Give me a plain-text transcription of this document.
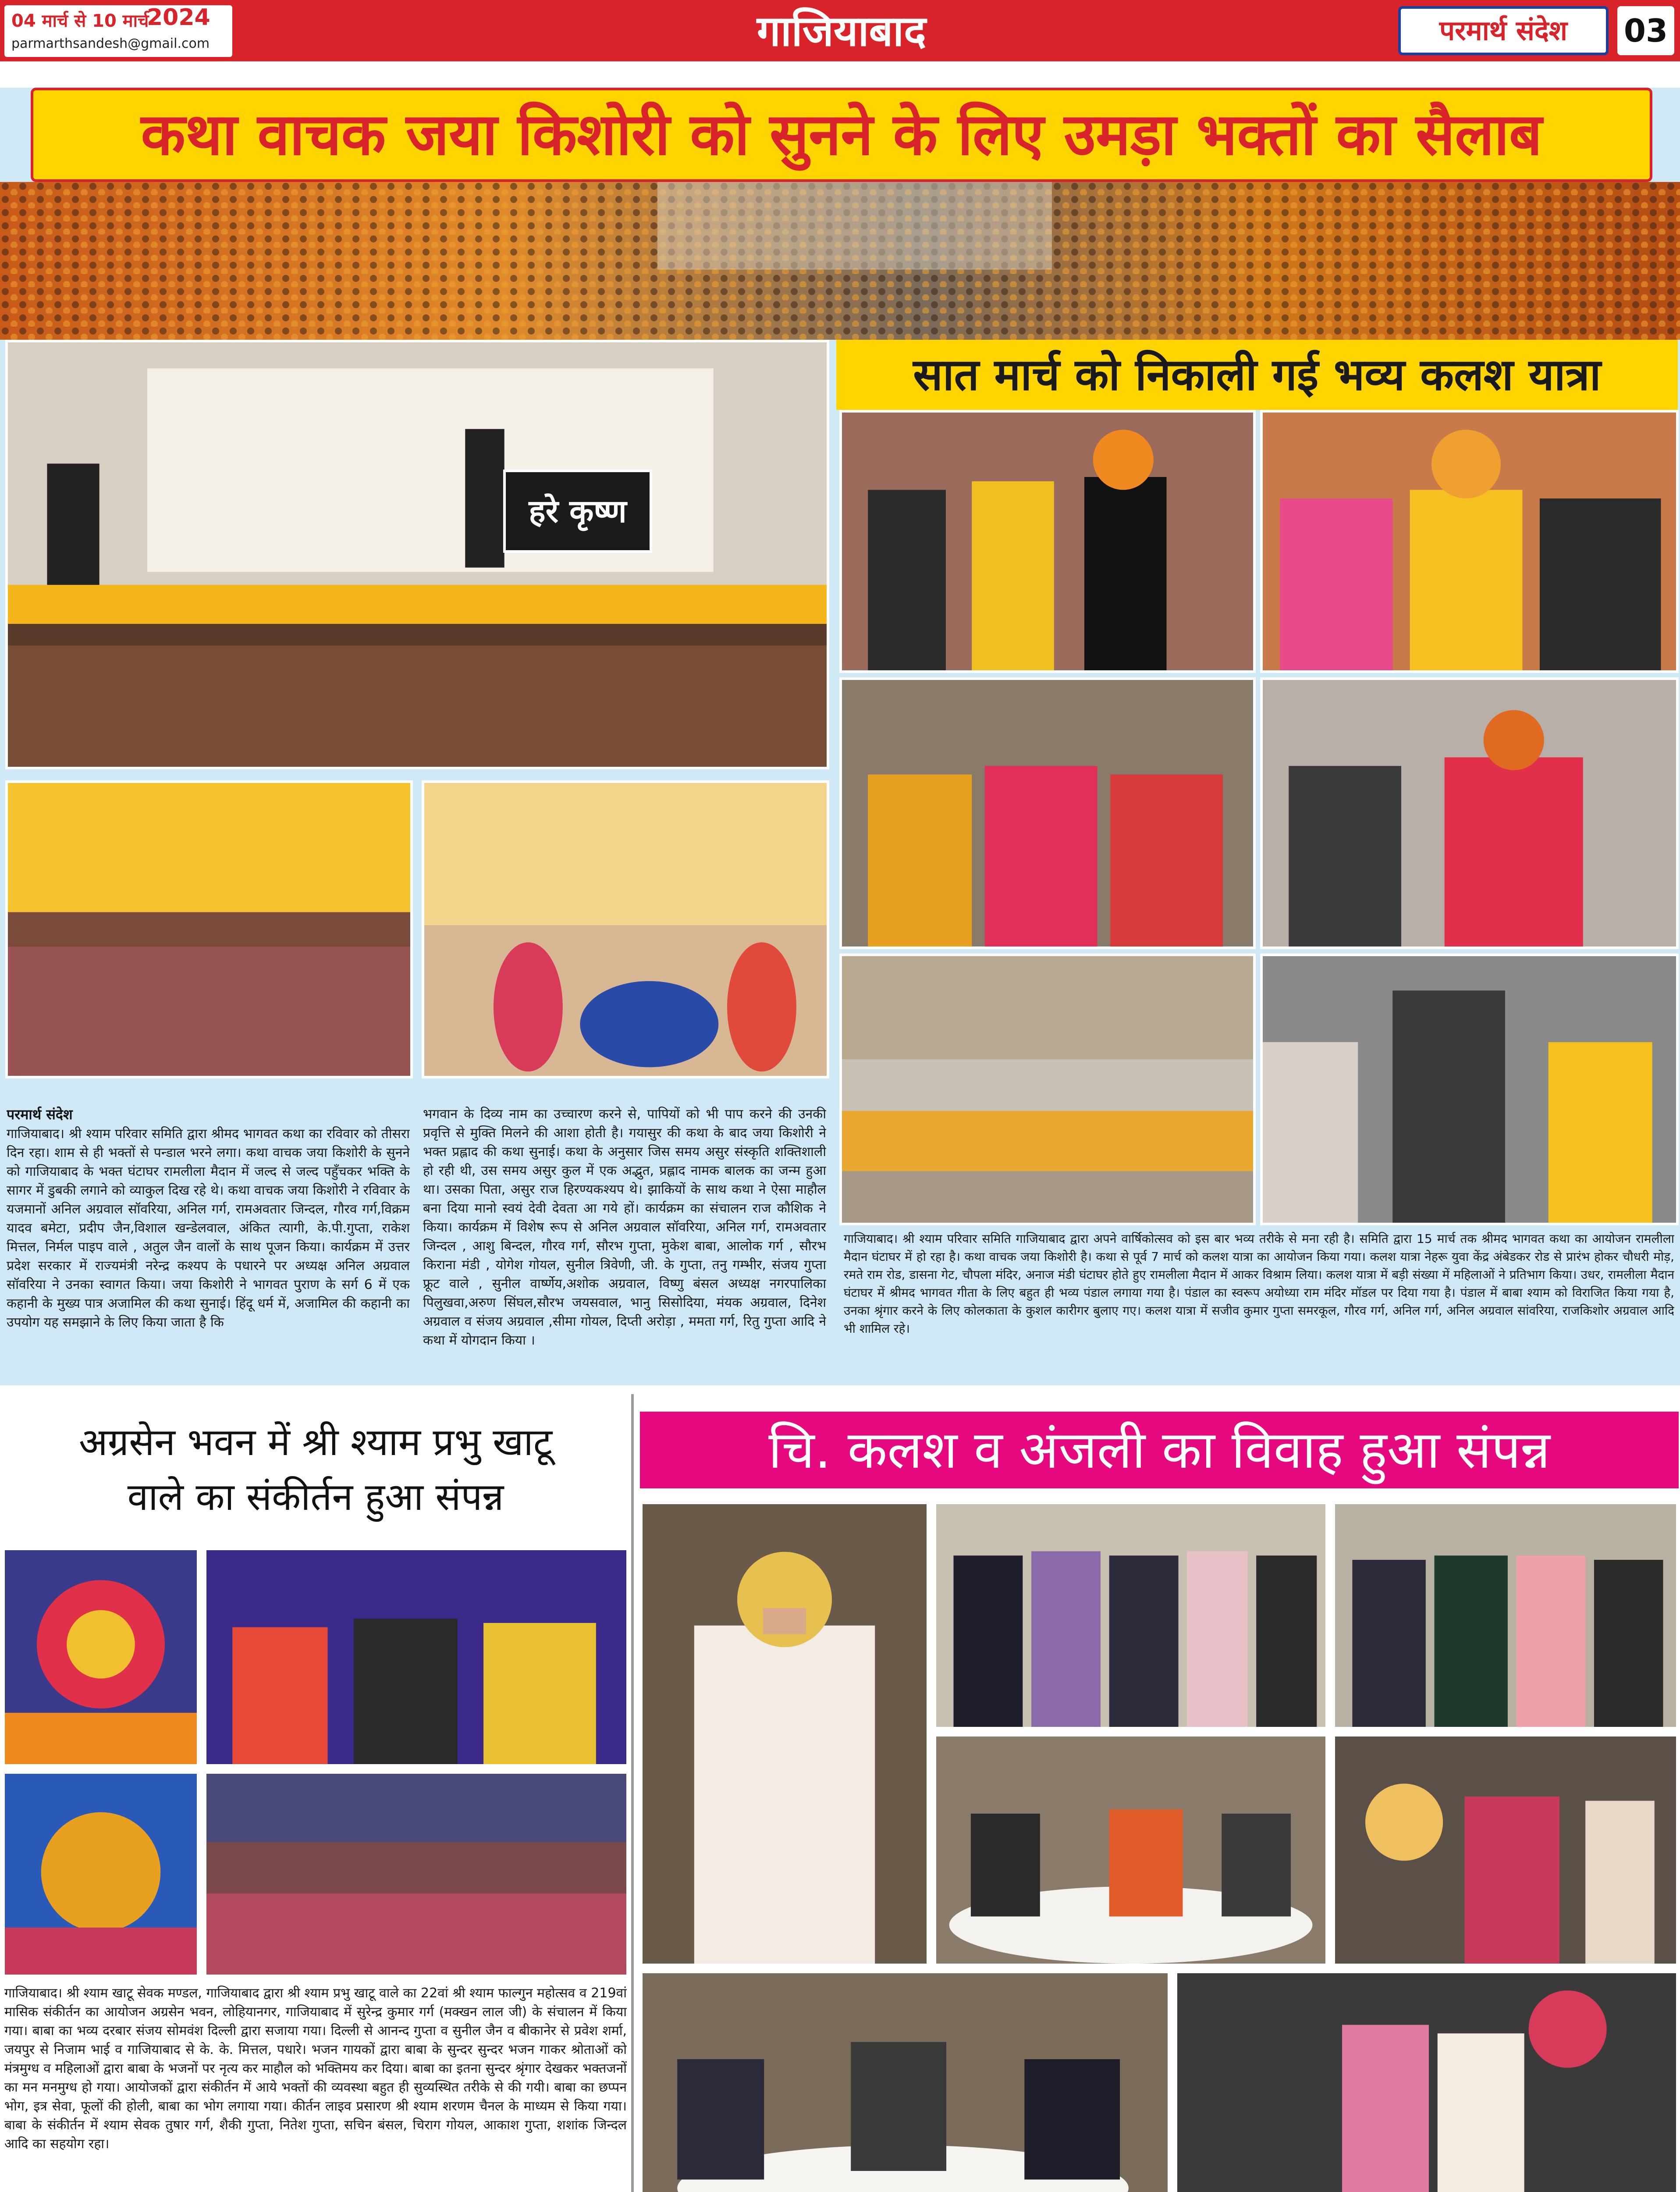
04 मार्च से 10 मार्च
2024
parmarthsandesh@gmail.com	गाजियाबाद	परमार्थ संदेश	03
कथा वाचक जया किशोरी को सुनने के लिए उमड़ा भक्तों का सैलाब
हरे कृष्ण
सात मार्च को निकाली गई भव्य कलश यात्रा
परमार्थ संदेश
गाजियाबाद। श्री श्याम परिवार समिति द्वारा श्रीमद भागवत कथा का रविवार को तीसरा दिन रहा। शाम से ही भक्तों से पन्डाल भरने लगा। कथा वाचक जया किशोरी के सुनने को गाजियाबाद के भक्त घंटाघर रामलीला मैदान में जल्द से जल्द पहुँचकर भक्ति के सागर में डुबकी लगाने को व्याकुल दिख रहे थे। कथा वाचक जया किशोरी ने रविवार के यजमानों अनिल अग्रवाल सॉवरिया, अनिल गर्ग, रामअवतार जिन्दल, गौरव गर्ग,विक्रम यादव बमेटा, प्रदीप जैन,विशाल खन्डेलवाल, अंकित त्यागी, के.पी.गुप्ता, राकेश मित्तल, निर्मल पाइप वाले , अतुल जैन वालों के साथ पूजन किया। कार्यक्रम में उत्तर प्रदेश सरकार में राज्यमंत्री नरेन्द्र कश्यप के पधारने पर अध्यक्ष अनिल अग्रवाल सॉवरिया ने उनका स्वागत किया। जया किशोरी ने भागवत पुराण के सर्ग 6 में एक कहानी के मुख्य पात्र अजामिल की कथा सुनाई। हिंदू धर्म में, अजामिल की कहानी का उपयोग यह समझाने के लिए किया जाता है कि
भगवान के दिव्य नाम का उच्चारण करने से, पापियों को भी पाप करने की उनकी प्रवृत्ति से मुक्ति मिलने की आशा होती है। गयासुर की कथा के बाद जया किशोरी ने भक्त प्रह्लाद की कथा सुनाई। कथा के अनुसार जिस समय असुर संस्कृति शक्तिशाली हो रही थी, उस समय असुर कुल में एक अद्भुत, प्रह्लाद नामक बालक का जन्म हुआ था। उसका पिता, असुर राज हिरण्यकश्यप थे। झाकियों के साथ कथा ने ऐसा माहौल बना दिया मानो स्वयं देवी देवता आ गये हों। कार्यक्रम का संचालन राज कौशिक ने किया। कार्यक्रम में विशेष रूप से अनिल अग्रवाल सॉवरिया, अनिल गर्ग, रामअवतार जिन्दल , आशु बिन्दल, गौरव गर्ग, सौरभ गुप्ता, मुकेश बाबा, आलोक गर्ग , सौरभ किराना मंडी , योगेश गोयल, सुनील त्रिवेणी, जी. के गुप्ता, तनु गम्भीर, संजय गुप्ता फ्रूट वाले , सुनील वार्ष्णेय,अशोक अग्रवाल, विष्णु बंसल अध्यक्ष नगरपालिका पिलुखवा,अरुण सिंघल,सौरभ जयसवाल, भानु सिसोदिया, मंयक अग्रवाल, दिनेश अग्रवाल व संजय अग्रवाल ,सीमा गोयल, दिप्ती अरोड़ा , ममता गर्ग, रितु गुप्ता आदि ने कथा में योगदान किया ।
गाजियाबाद। श्री श्याम परिवार समिति गाजियाबाद द्वारा अपने वार्षिकोत्सव को इस बार भव्य तरीके से मना रही है। समिति द्वारा 15 मार्च तक श्रीमद भागवत कथा का आयोजन रामलीला मैदान घंटाघर में हो रहा है। कथा वाचक जया किशोरी है। कथा से पूर्व 7 मार्च को कलश यात्रा का आयोजन किया गया। कलश यात्रा नेहरू युवा केंद्र अंबेडकर रोड से प्रारंभ होकर चौधरी मोड़, रमते राम रोड, डासना गेट, चौपला मंदिर, अनाज मंडी घंटाघर होते हुए रामलीला मैदान में आकर विश्राम लिया। कलश यात्रा में बड़ी संख्या में महिलाओं ने प्रतिभाग किया। उधर, रामलीला मैदान घंटाघर में श्रीमद भागवत गीता के लिए बहुत ही भव्य पंडाल लगाया गया है। पंडाल का स्वरूप अयोध्या राम मंदिर मॉडल पर दिया गया है। पंडाल में बाबा श्याम को विराजित किया गया है, उनका श्रृंगार करने के लिए कोलकाता के कुशल कारीगर बुलाए गए। कलश यात्रा में सजीव कुमार गुप्ता समरकूल, गौरव गर्ग, अनिल गर्ग, अनिल अग्रवाल सांवरिया, राजकिशोर अग्रवाल आदि भी शामिल रहे।
अग्रसेन भवन में श्री श्याम प्रभु खाटू
वाले का संकीर्तन हुआ संपन्न
गाजियाबाद। श्री श्याम खाटू सेवक मण्डल, गाजियाबाद द्वारा श्री श्याम प्रभु खाटू वाले का 22वां श्री श्याम फाल्गुन महोत्सव व 219वां मासिक संकीर्तन का आयोजन अग्रसेन भवन, लोहियानगर, गाजियाबाद में सुरेन्द्र कुमार गर्ग (मक्खन लाल जी) के संचालन में किया गया। बाबा का भव्य दरबार संजय सोमवंश दिल्ली द्वारा सजाया गया। दिल्ली से आनन्द गुप्ता व सुनील जैन व बीकानेर से प्रवेश शर्मा, जयपुर से निजाम भाई व गाजियाबाद से के. के. मित्तल, पधारे। भजन गायकों द्वारा बाबा के सुन्दर सुन्दर भजन गाकर श्रोताओं को मंत्रमुग्ध व महिलाओं द्वारा बाबा के भजनों पर नृत्य कर माहौल को भक्तिमय कर दिया। बाबा का इतना सुन्दर श्रृंगार देखकर भक्तजनों का मन मनमुग्ध हो गया। आयोजकों द्वारा संकीर्तन में आये भक्तों की व्यवस्था बहुत ही सुव्यस्थित तरीके से की गयी। बाबा का छप्पन भोग, इत्र सेवा, फूलों की होली, बाबा का भोग लगाया गया। कीर्तन लाइव प्रसारण श्री श्याम शरणम चैनल के माध्यम से किया गया। बाबा के संकीर्तन में श्याम सेवक तुषार गर्ग, शैकी गुप्ता, नितेश गुप्ता, सचिन बंसल, चिराग गोयल, आकाश गुप्ता, शशांक जिन्दल आदि का सहयोग रहा।
चि. कलश व अंजली का विवाह हुआ संपन्न
